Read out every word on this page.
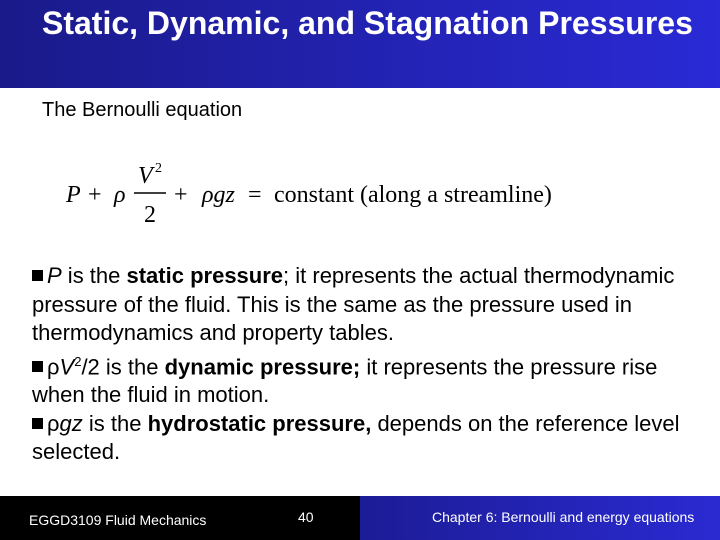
Static, Dynamic, and Stagnation Pressures
The Bernoulli equation
P + ρ
V 2
2
+ ρgz = constant (along a streamline)
P is the static pressure; it represents the actual thermodynamic pressure of the fluid. This is the same as the pressure used in thermodynamics and property tables.
$\rho V^2/2$ is the dynamic pressure; it represents the pressure rise when the fluid in motion.
ρgz is the hydrostatic pressure, depends on the reference level selected.
EGGD3109 Fluid Mechanics	40	Chapter 6: Bernoulli and energy equations
